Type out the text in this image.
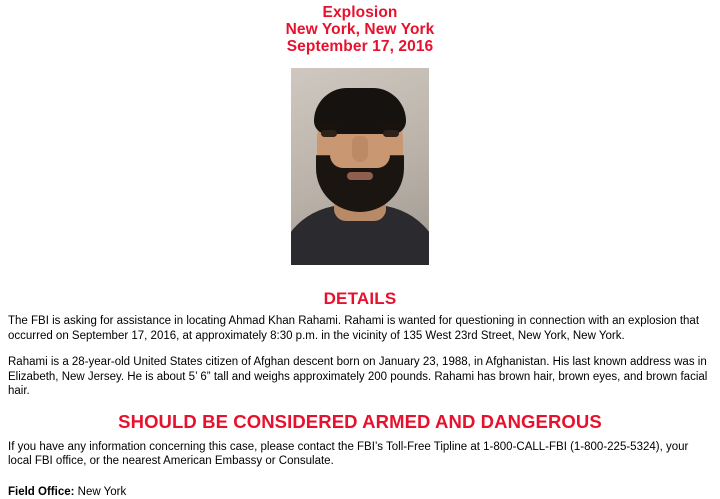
Explosion
New York, New York
September 17, 2016
DETAILS

The FBI is asking for assistance in locating Ahmad Khan Rahami. Rahami is wanted for questioning in connection with an explosion that occurred on September 17, 2016, at approximately 8:30 p.m. in the vicinity of 135 West 23rd Street, New York, New York.

Rahami is a 28-year-old United States citizen of Afghan descent born on January 23, 1988, in Afghanistan. His last known address was in Elizabeth, New Jersey. He is about 5’ 6” tall and weighs approximately 200 pounds. Rahami has brown hair, brown eyes, and brown facial hair.

SHOULD BE CONSIDERED ARMED AND DANGEROUS

If you have any information concerning this case, please contact the FBI’s Toll-Free Tipline at 1-800-CALL-FBI (1-800-225-5324), your local FBI office, or the nearest American Embassy or Consulate.

Field Office: New York
